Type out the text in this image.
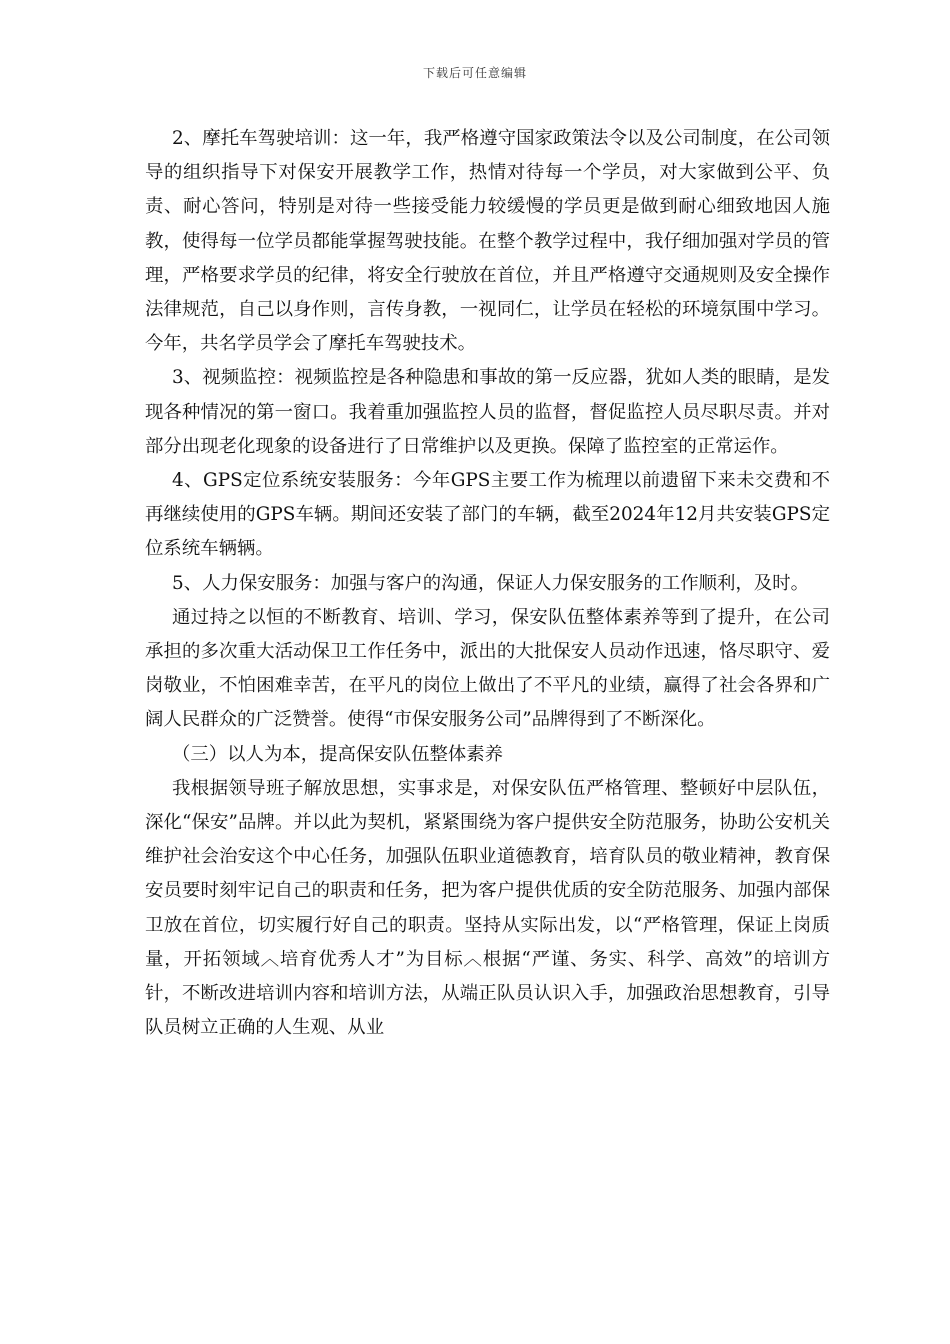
下载后可任意编辑

2、摩托车驾驶培训：这一年，我严格遵守国家政策法令以及公司制度，在公司领导的组织指导下对保安开展教学工作，热情对待每一个学员，对大家做到公平、负责、耐心答问，特别是对待一些接受能力较缓慢的学员更是做到耐心细致地因人施教，使得每一位学员都能掌握驾驶技能。在整个教学过程中，我仔细加强对学员的管理，严格要求学员的纪律，将安全行驶放在首位，并且严格遵守交通规则及安全操作法律规范，自己以身作则，言传身教，一视同仁，让学员在轻松的环境氛围中学习。今年，共名学员学会了摩托车驾驶技术。

3、视频监控：视频监控是各种隐患和事故的第一反应器，犹如人类的眼睛，是发现各种情况的第一窗口。我着重加强监控人员的监督，督促监控人员尽职尽责。并对部分出现老化现象的设备进行了日常维护以及更换。保障了监控室的正常运作。

4、GPS定位系统安装服务：今年GPS主要工作为梳理以前遗留下来未交费和不再继续使用的GPS车辆。期间还安装了部门的车辆，截至2024年12月共安装GPS定位系统车辆辆。

5、人力保安服务：加强与客户的沟通，保证人力保安服务的工作顺利，及时。

通过持之以恒的不断教育、培训、学习，保安队伍整体素养等到了提升，在公司承担的多次重大活动保卫工作任务中，派出的大批保安人员动作迅速，恪尽职守、爱岗敬业，不怕困难幸苦，在平凡的岗位上做出了不平凡的业绩，赢得了社会各界和广阔人民群众的广泛赞誉。使得“市保安服务公司”品牌得到了不断深化。

（三）以人为本，提高保安队伍整体素养

我根据领导班子解放思想，实事求是，对保安队伍严格管理、整顿好中层队伍，深化“保安”品牌。并以此为契机，紧紧围绕为客户提供安全防范服务，协助公安机关维护社会治安这个中心任务，加强队伍职业道德教育，培育队员的敬业精神，教育保安员要时刻牢记自己的职责和任务，把为客户提供优质的安全防范服务、加强内部保卫放在首位，切实履行好自己的职责。坚持从实际出发，以“严格管理，保证上岗质量，开拓领域︿培育优秀人才”为目标︿根据“严谨、务实、科学、高效”的培训方针，不断改进培训内容和培训方法，从端正队员认识入手，加强政治思想教育，引导队员树立正确的人生观、从业
